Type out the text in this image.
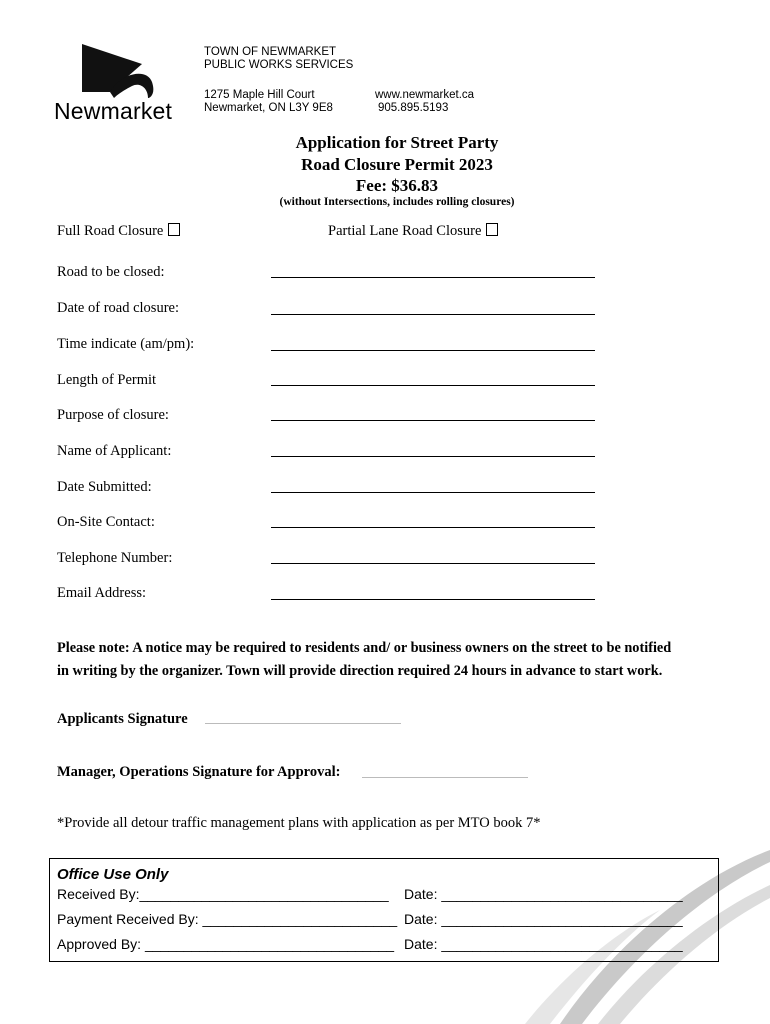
Newmarket
TOWN OF NEWMARKET
PUBLIC WORKS SERVICES
1275 Maple Hill Court
Newmarket, ON L3Y 9E8
www.newmarket.ca
905.895.5193
Application for Street Party
Road Closure Permit 2023
Fee: $36.83
(without Intersections, includes rolling closures)
Full Road Closure	Partial Lane Road Closure
Road to be closed:
Date of road closure:
Time indicate (am/pm):
Length of Permit
Purpose of closure:
Name of Applicant:
Date Submitted:
On-Site Contact:
Telephone Number:
Email Address:
Please note: A notice may be required to residents and/ or business owners on the street to be notified
in writing by the organizer. Town will provide direction required 24 hours in advance to start work.
Applicants Signature
Manager, Operations Signature for Approval:
*Provide all detour traffic management plans with application as per MTO book 7*
Office Use Only
Received By:________________________________ Date: _______________________________
Payment Received By: _________________________ Date: _______________________________
Approved By: ________________________________ Date: _______________________________
